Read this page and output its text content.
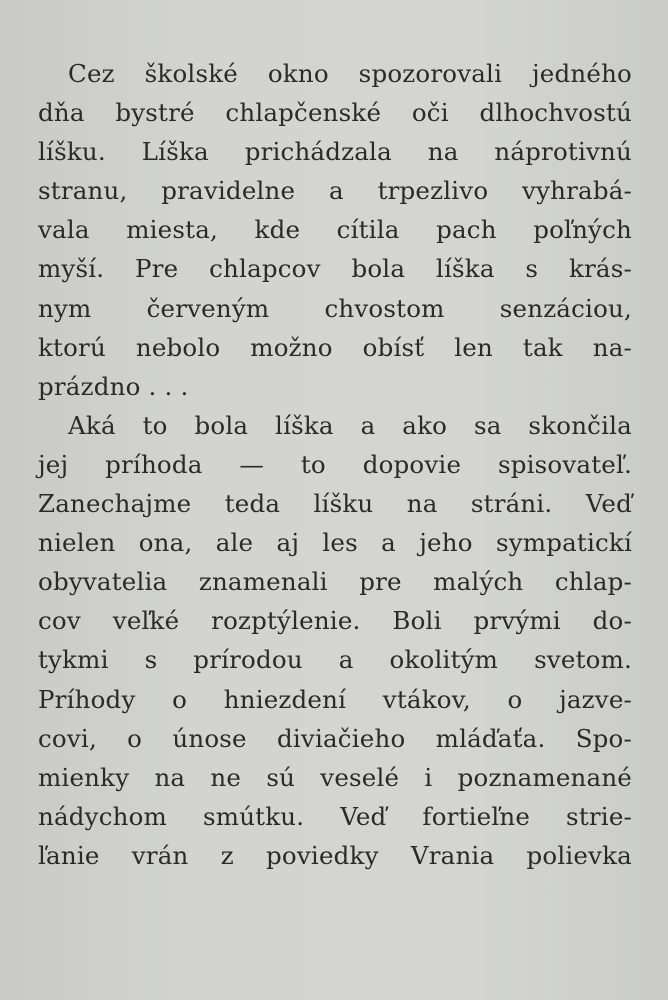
Cez školské okno spozorovali jedného
dňa bystré chlapčenské oči dlhochvostú
líšku. Líška prichádzala na náprotivnú
stranu, pravidelne a trpezlivo vyhrabá-
vala miesta, kde cítila pach poľných
myší. Pre chlapcov bola líška s krás-
nym červeným chvostom senzáciou,
ktorú nebolo možno obísť len tak na-
prázdno . . .
Aká to bola líška a ako sa skončila
jej príhoda — to dopovie spisovateľ.
Zanechajme teda líšku na stráni. Veď
nielen ona, ale aj les a jeho sympatickí
obyvatelia znamenali pre malých chlap-
cov veľké rozptýlenie. Boli prvými do-
tykmi s prírodou a okolitým svetom.
Príhody o hniezdení vtákov, o jazve-
covi, o únose diviačieho mláďaťa. Spo-
mienky na ne sú veselé i poznamenané
nádychom smútku. Veď fortieľne strie-
ľanie vrán z poviedky Vrania polievka
